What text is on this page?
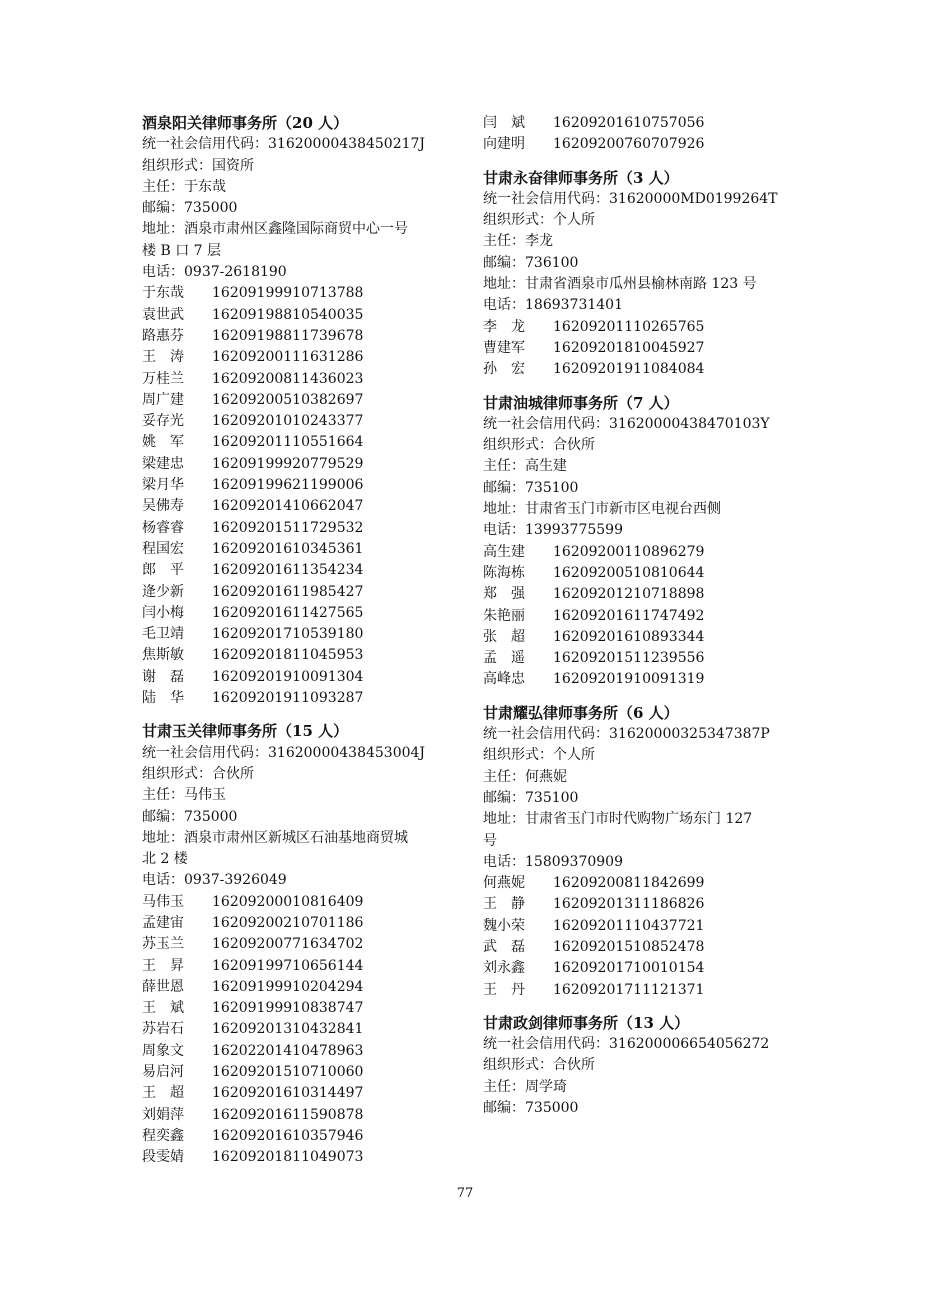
酒泉阳关律师事务所（20 人）
统一社会信用代码：31620000438450217J
组织形式：国资所
主任：于东哉
邮编：735000
地址：酒泉市肃州区鑫隆国际商贸中心一号
楼 B 口 7 层
电话：0937-2618190
于东哉 16209199910713788
袁世武 16209198810540035
路惠芬 16209198811739678
王　涛 16209200111631286
万桂兰 16209200811436023
周广建 16209200510382697
妥存光 16209201010243377
姚　军 16209201110551664
梁建忠 16209199920779529
梁月华 16209199621199006
吴佛寿 16209201410662047
杨睿睿 16209201511729532
程国宏 16209201610345361
郎　平 16209201611354234
逄少新 16209201611985427
闫小梅 16209201611427565
毛卫靖 16209201710539180
焦斯敏 16209201811045953
谢　磊 16209201910091304
陆　华 16209201911093287
甘肃玉关律师事务所（15 人）
统一社会信用代码：31620000438453004J
组织形式：合伙所
主任：马伟玉
邮编：735000
地址：酒泉市肃州区新城区石油基地商贸城
北 2 楼
电话：0937-3926049
马伟玉 16209200010816409
孟建宙 16209200210701186
苏玉兰 16209200771634702
王　昇 16209199710656144
薛世恩 16209199910204294
王　斌 16209199910838747
苏岩石 16209201310432841
周象文 16202201410478963
易启河 16209201510710060
王　超 16209201610314497
刘娟萍 16209201611590878
程奕鑫 16209201610357946
段雯婧 16209201811049073
闫　斌 16209201610757056
向建明 16209200760707926
甘肃永奋律师事务所（3 人）
统一社会信用代码：31620000MD0199264T
组织形式：个人所
主任：李龙
邮编：736100
地址：甘肃省酒泉市瓜州县榆林南路 123 号
电话：18693731401
李　龙 16209201110265765
曹建军 16209201810045927
孙　宏 16209201911084084
甘肃油城律师事务所（7 人）
统一社会信用代码：31620000438470103Y
组织形式：合伙所
主任：高生建
邮编：735100
地址：甘肃省玉门市新市区电视台西侧
电话：13993775599
高生建 16209200110896279
陈海栋 16209200510810644
郑　强 16209201210718898
朱艳丽 16209201611747492
张　超 16209201610893344
孟　遥 16209201511239556
高峰忠 16209201910091319
甘肃耀弘律师事务所（6 人）
统一社会信用代码：31620000325347387P
组织形式：个人所
主任：何燕妮
邮编：735100
地址：甘肃省玉门市时代购物广场东门 127
号
电话：15809370909
何燕妮 16209200811842699
王　静 16209201311186826
魏小荣 16209201110437721
武　磊 16209201510852478
刘永鑫 16209201710010154
王　丹 16209201711121371
甘肃政剑律师事务所（13 人）
统一社会信用代码：316200006654056272
组织形式：合伙所
主任：周学琦
邮编：735000
77
